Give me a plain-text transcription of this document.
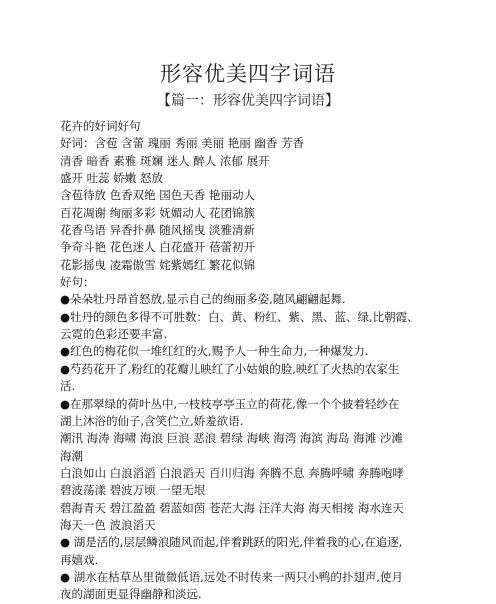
形容优美四字词语
【篇一：形容优美四字词语】
花卉的好词好句
好词：含苞 含蕾 瑰丽 秀丽 美丽 艳丽 幽香 芳香
清香 暗香 素雅 斑斓 迷人 醉人 浓郁 展开
盛开 吐蕊 娇嫩 怒放
含苞待放 色香双绝 国色天香 艳丽动人
百花凋谢 绚丽多彩 妩媚动人 花团锦簇
花香鸟语 异香扑鼻 随风摇曳 淡雅清新
争奇斗艳 花色迷人 白花盛开 蓓蕾初开
花影摇曳 凌霜傲雪 姹紫嫣红 繁花似锦
好句：
●朵朵牡丹昂首怒放,显示自己的绚丽多姿,随风翩翩起舞.
●牡丹的颜色多得不可胜数：白、黄、粉红、紫、黑、蓝、绿,比朝霞、
云霓的色彩还要丰富.
●红色的梅花似一堆红红的火,赐予人一种生命力,一种爆发力.
●芍药花开了,粉红的花瓣儿映红了小姑娘的脸,映红了火热的农家生
活.
●在那翠绿的荷叶丛中,一枝枝亭亭玉立的荷花,像一个个披着轻纱在
湖上沐浴的仙子,含笑伫立,娇羞欲语.
潮汛 海涛 海啸 海浪 巨浪 恶浪 碧绿 海峡 海湾 海滨 海岛 海滩 沙滩
海潮
白浪如山 白浪滔滔 白浪滔天 百川归海 奔腾不息 奔腾呼啸 奔腾咆哮
碧波荡漾 碧波万顷 一望无垠
碧海青天 碧江盈盈 碧蓝如茵 苍茫大海 汪洋大海 海天相接 海水连天
海天一色 波浪滔天
● 湖是活的,层层鳞浪随风而起,伴着跳跃的阳光,伴着我的心,在追逐,
再嬉戏.
● 湖水在枯草丛里微微低语,远处不时传来一两只小鸭的扑翅声,使月
夜的湖面更显得幽静和淡远.
